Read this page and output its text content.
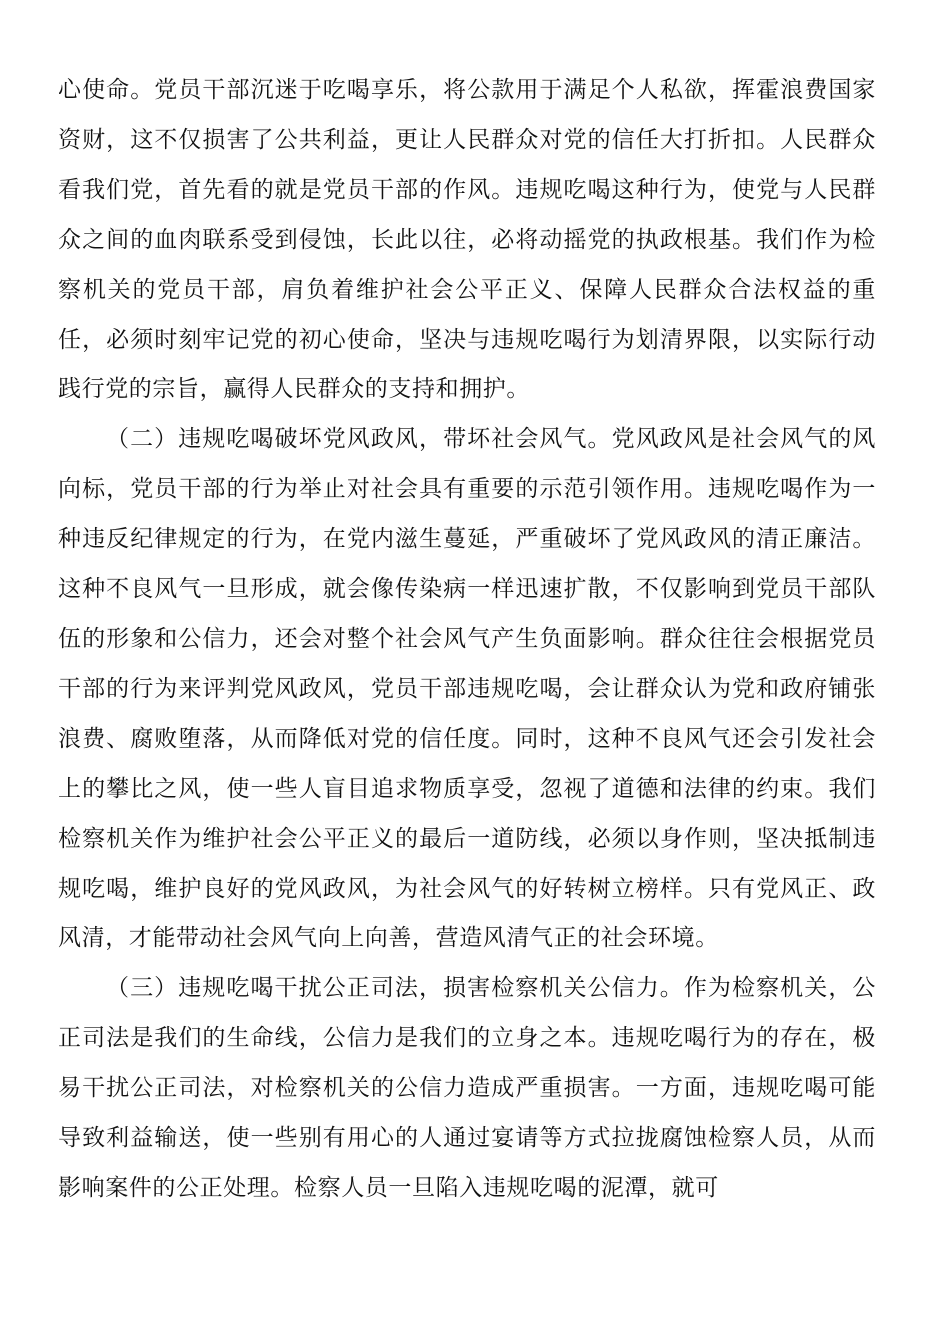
心使命。党员干部沉迷于吃喝享乐，将公款用于满足个人私欲，挥霍浪费国家资财，这不仅损害了公共利益，更让人民群众对党的信任大打折扣。人民群众看我们党，首先看的就是党员干部的作风。违规吃喝这种行为，使党与人民群众之间的血肉联系受到侵蚀，长此以往，必将动摇党的执政根基。我们作为检察机关的党员干部，肩负着维护社会公平正义、保障人民群众合法权益的重任，必须时刻牢记党的初心使命，坚决与违规吃喝行为划清界限，以实际行动践行党的宗旨，赢得人民群众的支持和拥护。

（二）违规吃喝破坏党风政风，带坏社会风气。党风政风是社会风气的风向标，党员干部的行为举止对社会具有重要的示范引领作用。违规吃喝作为一种违反纪律规定的行为，在党内滋生蔓延，严重破坏了党风政风的清正廉洁。这种不良风气一旦形成，就会像传染病一样迅速扩散，不仅影响到党员干部队伍的形象和公信力，还会对整个社会风气产生负面影响。群众往往会根据党员干部的行为来评判党风政风，党员干部违规吃喝，会让群众认为党和政府铺张浪费、腐败堕落，从而降低对党的信任度。同时，这种不良风气还会引发社会上的攀比之风，使一些人盲目追求物质享受，忽视了道德和法律的约束。我们检察机关作为维护社会公平正义的最后一道防线，必须以身作则，坚决抵制违规吃喝，维护良好的党风政风，为社会风气的好转树立榜样。只有党风正、政风清，才能带动社会风气向上向善，营造风清气正的社会环境。

（三）违规吃喝干扰公正司法，损害检察机关公信力。作为检察机关，公正司法是我们的生命线，公信力是我们的立身之本。违规吃喝行为的存在，极易干扰公正司法，对检察机关的公信力造成严重损害。一方面，违规吃喝可能导致利益输送，使一些别有用心的人通过宴请等方式拉拢腐蚀检察人员，从而影响案件的公正处理。检察人员一旦陷入违规吃喝的泥潭，就可
